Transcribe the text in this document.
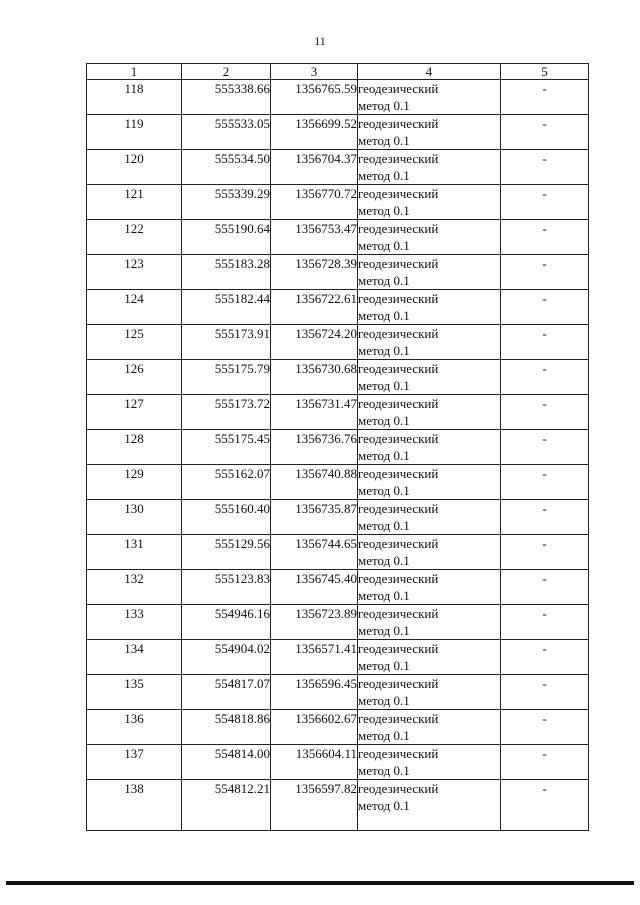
11
1	2	3	4	5
118	555338.66	1356765.59	геодезический
метод 0.1	-
119	555533.05	1356699.52	геодезический
метод 0.1	-
120	555534.50	1356704.37	геодезический
метод 0.1	-
121	555339.29	1356770.72	геодезический
метод 0.1	-
122	555190.64	1356753.47	геодезический
метод 0.1	-
123	555183.28	1356728.39	геодезический
метод 0.1	-
124	555182.44	1356722.61	геодезический
метод 0.1	-
125	555173.91	1356724.20	геодезический
метод 0.1	-
126	555175.79	1356730.68	геодезический
метод 0.1	-
127	555173.72	1356731.47	геодезический
метод 0.1	-
128	555175.45	1356736.76	геодезический
метод 0.1	-
129	555162.07	1356740.88	геодезический
метод 0.1	-
130	555160.40	1356735.87	геодезический
метод 0.1	-
131	555129.56	1356744.65	геодезический
метод 0.1	-
132	555123.83	1356745.40	геодезический
метод 0.1	-
133	554946.16	1356723.89	геодезический
метод 0.1	-
134	554904.02	1356571.41	геодезический
метод 0.1	-
135	554817.07	1356596.45	геодезический
метод 0.1	-
136	554818.86	1356602.67	геодезический
метод 0.1	-
137	554814.00	1356604.11	геодезический
метод 0.1	-
138	554812.21	1356597.82	геодезический
метод 0.1	-
